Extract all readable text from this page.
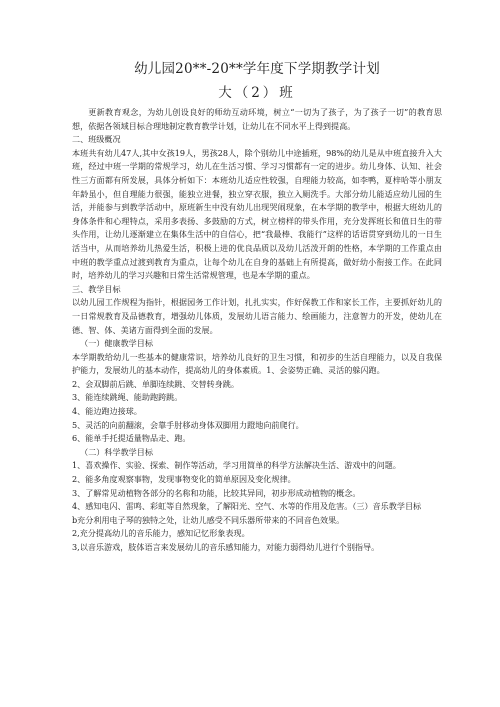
幼儿园20**-20**学年度下学期教学计划
大（2）班

更新教育观念，为幼儿创设良好的师幼互动环境，树立“一切为了孩子，为了孩子一切”的教育思想，依据各领域目标合理地制定教育教学计划，让幼儿在不同水平上得到提高。

二、班级概况

本班共有幼儿47人,其中女孩19人，男孩28人，除个别幼儿中途插班，98%的幼儿是从中班直接升入大班，经过中班一学期的常规学习，幼儿在生活习惯、学习习惯都有一定的进步。幼儿身体、认知、社会性三方面都有所发展，具体分析如下：本班幼儿适应性较强，自理能力较高，如李鸭，夏梓哈等小朋友年龄虽小，但自理能力很强，能独立进餐，独立穿衣服，独立入厕洗手。大部分幼儿能适应幼儿园的生活，并能参与到教学活动中，原班新生中没有幼儿出现哭闹现象，在本学期的教学中，根据大班幼儿的身体条件和心理特点，采用多表扬、多鼓励的方式，树立榜样的带头作用，充分发挥班长和值日生的带头作用，让幼儿逐渐建立在集体生活中的自信心，把“我最棒、我能行”这样的话语贯穿到幼儿的一日生活当中，从而培养幼儿热爱生活，积极上进的优良品质以及幼儿活泼开朗的性格，本学期的工作重点由中班的教学重点过渡到教育为重点，让每个幼儿在自身的基础上有所提高，做好幼小衔接工作。在此同时，培养幼儿的学习兴趣和日常生活常规管理，也是本学期的重点。

三、教学目标

以幼儿园工作规程为指针，根据园务工作计划，扎扎实实，作好保教工作和家长工作，主要抓好幼儿的一日常规教育及品德教育，增强幼儿体质，发展幼儿语言能力、绘画能力，注意智力的开发，使幼儿在德、智、体、美诸方面得到全面的发展。

（一）健康教学目标

本学期教给幼儿一些基本的健康常识，培养幼儿良好的卫生习惯，和初步的生活自理能力，以及自我保护能力，发展幼儿的基本动作，提高幼儿的身体素质。1、会姿势正确、灵活的躲闪跑。

2、会双脚前后跳、单脚连续跳、交替转身跳。

3、能连续跳绳、能助跑跨跳。

4、能边跑边接球。

5、灵活的向前翻滚，会靠手肘移动身体双脚用力蹬地向前爬行。

6、能单手托提适量物品走、跑。

（二）科学教学目标

1、喜欢操作、实验、探索、制作等活动，学习用简单的科学方法解决生活、游戏中的问题。

2、能多角度观察事物，发现事物变化的简单原因及变化规律。

3、了解常见动植物各部分的名称和功能，比较其异同，初步形成动植物的概念。

4、感知电闪、雷鸣、彩虹等自然现象，了解阳光、空气、水等的作用及危害。（三）音乐教学目标

b充分利用电子琴的独特之处，让幼儿感受不同乐器所带来的不同音色效果。

2,充分提高幼儿的音乐能力，感知记忆形象表现。

3,以音乐游戏，肢体语言来发展幼儿的音乐感知能力，对能力弱得幼儿进行个别指导。
